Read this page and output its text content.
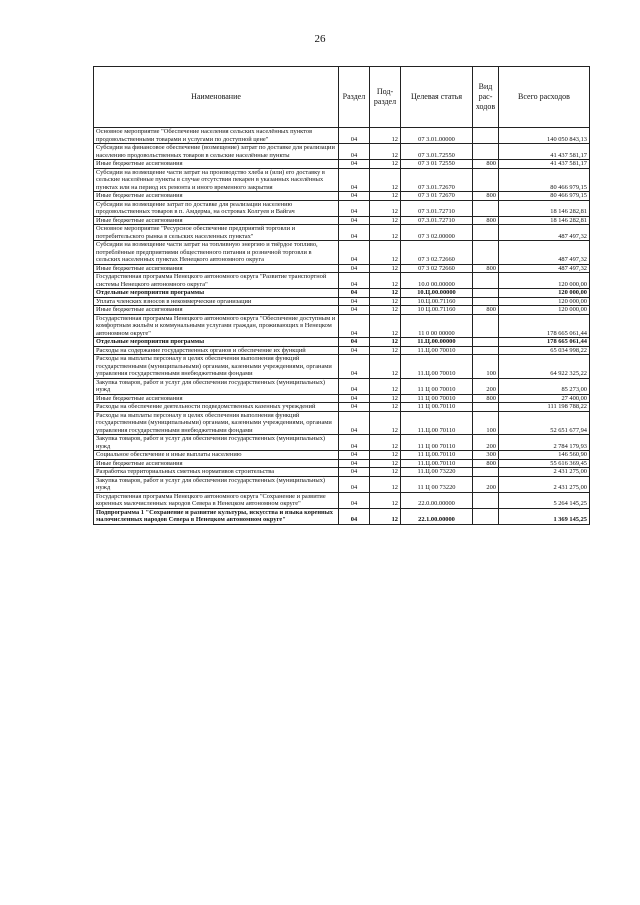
26
Наименование	Раздел	Под-раздел	Целевая статья	Вид рас-ходов	Всего расходов
Основное мероприятие "Обеспечение населения сельских населённых пунктов продовольственными товарами и услугами по доступной цене"	04	12	07 3.01.00000		140 050 843,13
Субсидии на финансовое обеспечение (возмещение) затрат по доставке для реализации населению продовольственных товаров в сельские населённые пункты	04	12	07 3.01.72550		41 437 581,17
Иные бюджетные ассигнования	04	12	07 3 01 72550	800	41 437 581,17
Субсидии на возмещение части затрат на производство хлеба и (или) его доставку в сельские населённые пункты в случае отсутствия пекарен в указанных населённых пунктах или на период их ремонта и иного временного закрытия	04	12	07 3.01.72670		80 466 979,15
Иные бюджетные ассигнования	04	12	07 3 01 72670	800	80 466 979,15
Субсидии на возмещение затрат по доставке для реализации населению продовольственных товаров в п. Амдерма, на островах Колгуев и Вайгач	04	12	07 3.01.72710		18 146 282,81
Иные бюджетные ассигнования	04	12	07.3.01.72710	800	18 146 282,81
Основное мероприятие "Ресурсное обеспечение предприятий торговли и потребительского рынка в сельских населенных пунктах"	04	12	07 3 02.00000		487 497,32
Субсидии на возмещение части затрат на топливную энергию и твёрдое топливо, потреблённые предприятиями общественного питания и розничной торговли в сельских населенных пунктах Ненецкого автономного округа	04	12	07 3 02.72660		487 497,32
Иные бюджетные ассигнования	04	12	07 3 02 72660	800	487 497,32
Государственная программа Ненецкого автономного округа "Развитие транспортной системы Ненецкого автономного округа"	04	12	10.0 00.00000		120 000,00
Отдельные мероприятия программы	04	12	10.Ц.00.00000		120 000,00
Уплата членских взносов в некоммерческие организации	04	12	10.Ц.00.71160		120 000,00
Иные бюджетные ассигнования	04	12	10 Ц.00.71160	800	120 000,00
Государственная программа Ненецкого автономного округа "Обеспечение доступным и комфортным жильём и коммунальными услугами граждан, проживающих в Ненецком автономном округе"	04	12	11 0 00 00000		178 665 061,44
Отдельные мероприятия программы	04	12	11.Ц.00.00000		178 665 061,44
Расходы на содержание государственных органов и обеспечение их функций	04	12	11.Ц.00 70010		65 034 998,22
Расходы на выплаты персоналу в целях обеспечения выполнения функций государственными (муниципальными) органами, казенными учреждениями, органами управления государственными внебюджетными фондами	04	12	11.Ц.00 70010	100	64 922 325,22
Закупка товаров, работ и услуг для обеспечения государственных (муниципальных) нужд	04	12	11 Ц 00 70010	200	85 273,00
Иные бюджетные ассигнования	04	12	11 Ц 00 70010	800	27 400,00
Расходы на обеспечение деятельности подведомственных казенных учреждений	04	12	11 Ц 00.70110		111 198 788,22
Расходы на выплаты персоналу в целях обеспечения выполнения функций государственными (муниципальными) органами, казенными учреждениями, органами управления государственными внебюджетными фондами	04	12	11.Ц.00 70110	100	52 651 677,94
Закупка товаров, работ и услуг для обеспечения государственных (муниципальных) нужд	04	12	11 Ц 00 70110	200	2 784 179,93
Социальное обеспечение и иные выплаты населению	04	12	11 Ц.00.70110	300	146 560,90
Иные бюджетные ассигнования	04	12	11.Ц.00.70110	800	55 616 369,45
Разработка территориальных сметных нормативов строительства	04	12	11.Ц.00 73220		2 431 275,00
Закупка товаров, работ и услуг для обеспечения государственных (муниципальных) нужд	04	12	11 Ц 00 73220	200	2 431 275,00
Государственная программа Ненецкого автономного округа "Сохранение и развитие коренных малочисленных народов Севера в Ненецком автономном округе"	04	12	22.0.00.00000		5 264 145,25
Подпрограмма 1 "Сохранение и развитие культуры, искусства и языка коренных малочисленных народов Севера в Ненецком автономном округе"	04	12	22.1.00.00000		1 369 145,25
